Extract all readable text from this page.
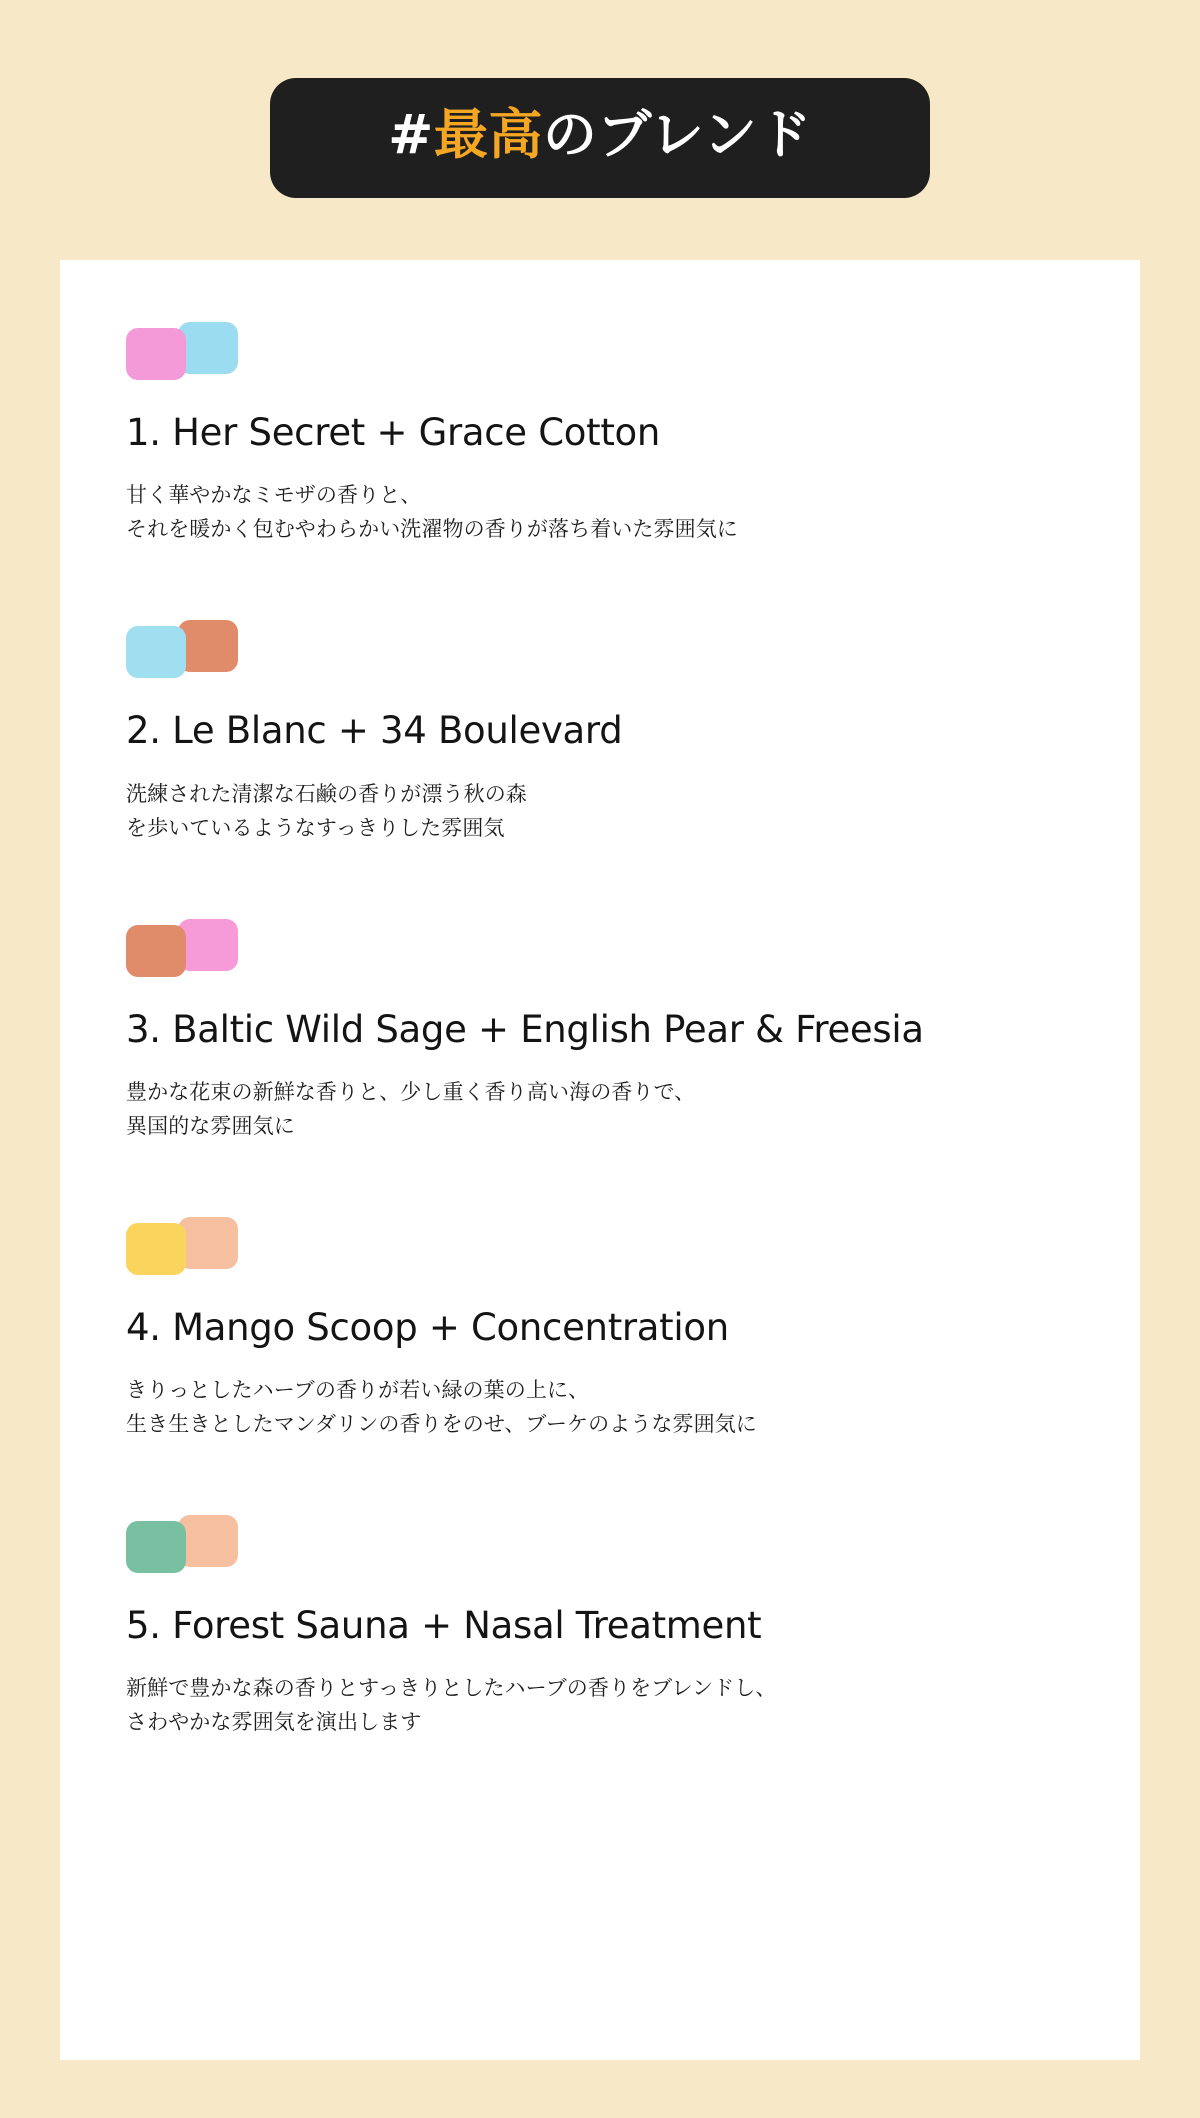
#最高のブレンド
1. Her Secret + Grace Cotton

甘く華やかなミモザの香りと、
それを暖かく包むやわらかい洗濯物の香りが落ち着いた雰囲気に

2. Le Blanc + 34 Boulevard

洗練された清潔な石鹸の香りが漂う秋の森
を歩いているようなすっきりした雰囲気

3. Baltic Wild Sage + English Pear & Freesia

豊かな花束の新鮮な香りと、少し重く香り高い海の香りで、
異国的な雰囲気に

4. Mango Scoop + Concentration

きりっとしたハーブの香りが若い緑の葉の上に、
生き生きとしたマンダリンの香りをのせ、ブーケのような雰囲気に

5. Forest Sauna + Nasal Treatment

新鮮で豊かな森の香りとすっきりとしたハーブの香りをブレンドし、
さわやかな雰囲気を演出します
